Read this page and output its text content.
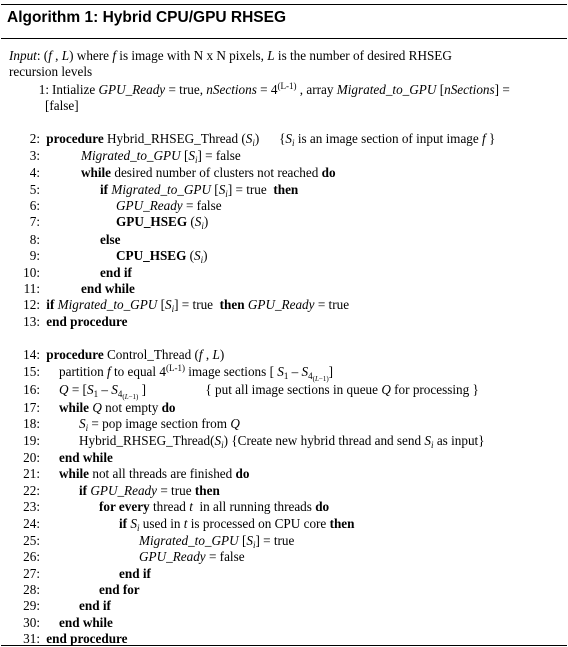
Algorithm 1: Hybrid CPU/GPU RHSEG
Input: (f , L) where f is image with N x N pixels, L is the number of desired RHSEG
recursion levels
1: Intialize GPU_Ready = true, nSections = $4^{(L-1)}$ , array Migrated_to_GPU [nSections] =
[false]
2: procedure Hybrid_RHSEG_Thread $(S_i)$      {$S_i$ is an image section of input image f }
3:	Migrated_to_GPU $[S_i]$ = false
4:	while desired number of clusters not reached do
5:	if Migrated_to_GPU $[S_i]$ = true  then
6:	GPU_Ready = false
7:	GPU_HSEG $(S_i)$
8:	else
9:	CPU_HSEG $(S_i)$
10:	end if
11:	end while
12: if Migrated_to_GPU $[S_i]$ = true  then GPU_Ready = true
13: end procedure
14: procedure Control_Thread (f , L)
15: partition f to equal $4^{(L-1)}$ image sections [ $S_1 - S_{4_{(L-1)}}$]
16: $Q = [S_1 - S_{4_{(L-1)}}$ ]                  { put all image sections in queue Q for processing }
17: while Q not empty do
18:	$S_i$ = pop image section from Q
19:	$Hybrid\_RHSEG\_Thread(S_i)$ {Create new hybrid thread and send $S_i$ as input}
20: end while
21: while not all threads are finished do
22:	if GPU_Ready = true then
23:	for every thread t  in all running threads do
24:	if $S_i$ used in t is processed on CPU core then
25:	Migrated_to_GPU $[S_i]$ = true
26:	GPU_Ready = false
27:	end if
28:	end for
29:	end if
30: end while
31: end procedure
